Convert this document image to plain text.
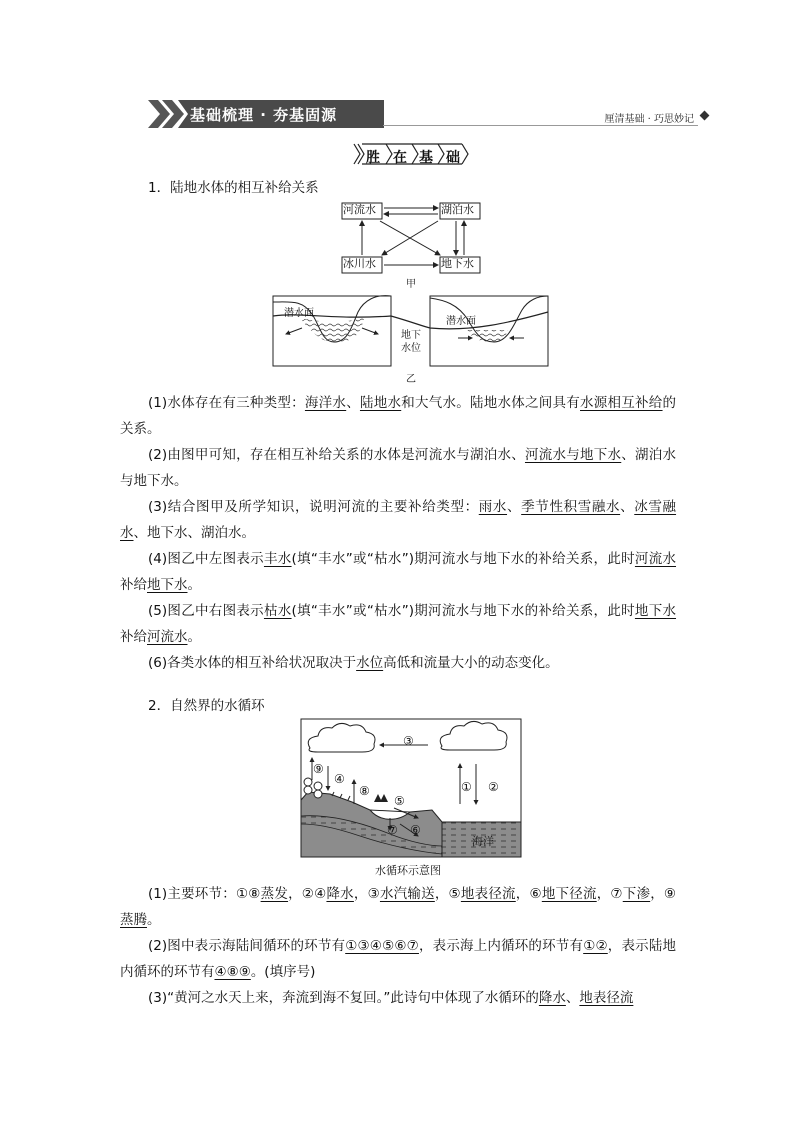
基础梳理 · 夯基固源	厘清基础 · 巧思妙记
胜 在 基 础
1．陆地水体的相互补给关系
河流水	湖泊水
冰川水	地下水
甲
潜水面
潜水面
地下
水位
乙

(1)水体存在有三种类型：海洋水、陆地水和大气水。陆地水体之间具有水源相互补给的关系。

(2)由图甲可知，存在相互补给关系的水体是河流水与湖泊水、河流水与地下水、湖泊水与地下水。

(3)结合图甲及所学知识，说明河流的主要补给类型：雨水、季节性积雪融水、冰雪融水、地下水、湖泊水。

(4)图乙中左图表示丰水(填“丰水”或“枯水”)期河流水与地下水的补给关系，此时河流水补给地下水。

(5)图乙中右图表示枯水(填“丰水”或“枯水”)期河流水与地下水的补给关系，此时地下水补给河流水。

(6)各类水体的相互补给状况取决于水位高低和流量大小的动态变化。

2．自然界的水循环
③
① ②
⑨
④
⑧
⑤
⑦ ⑥
海洋
水循环示意图

(1)主要环节：①⑧蒸发，②④降水，③水汽输送，⑤地表径流，⑥地下径流，⑦下渗，⑨蒸腾。

(2)图中表示海陆间循环的环节有①③④⑤⑥⑦，表示海上内循环的环节有①②，表示陆地内循环的环节有④⑧⑨。(填序号)

(3)“黄河之水天上来，奔流到海不复回。”此诗句中体现了水循环的降水、地表径流
